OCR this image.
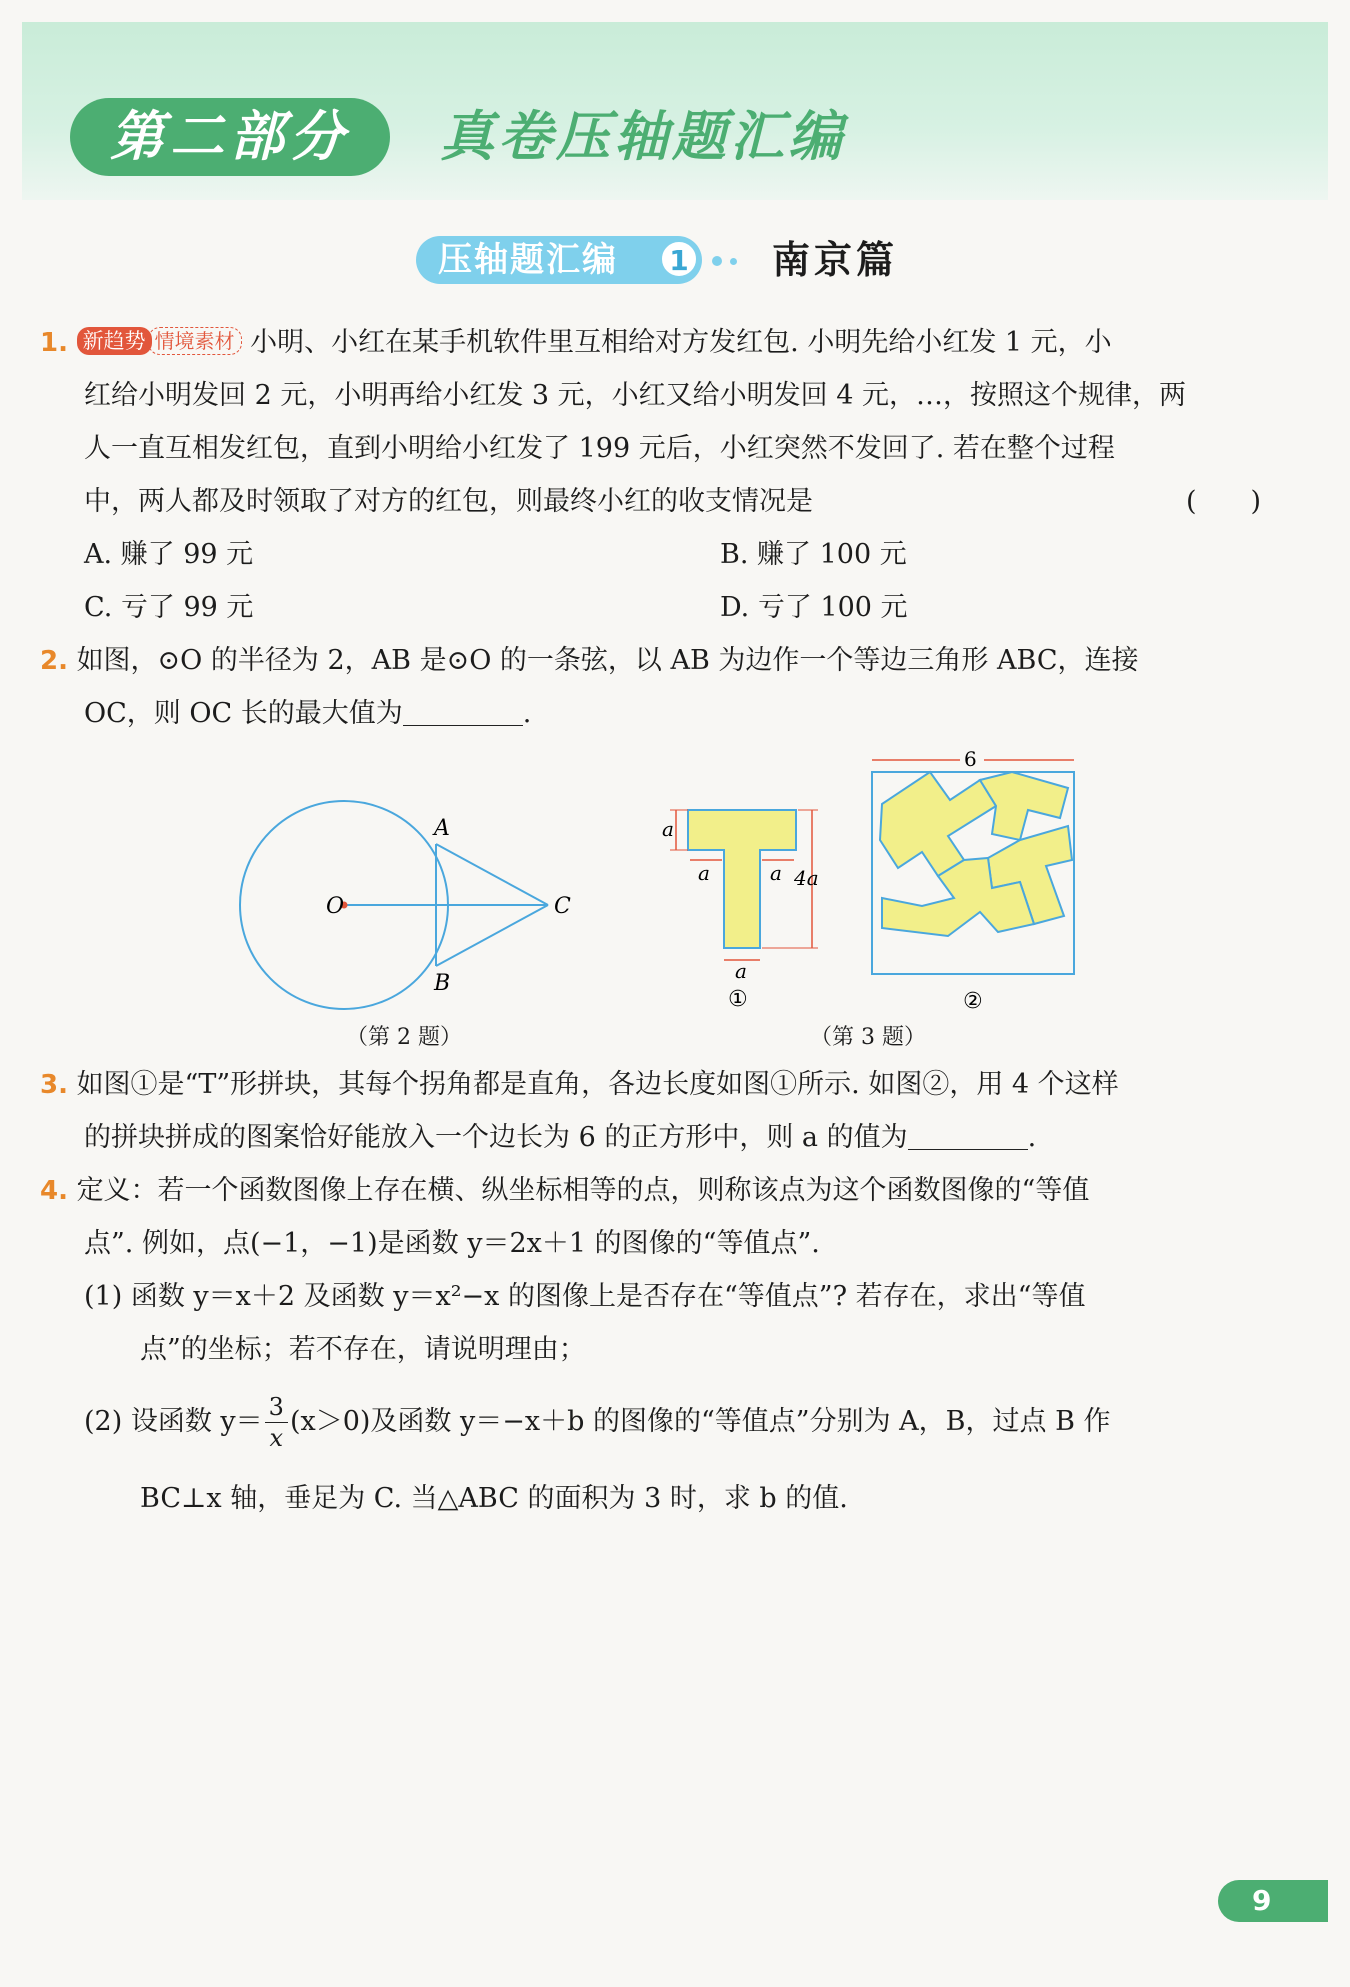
第二部分	真卷压轴题汇编
压轴题汇编	1 南京篇
1. 新趋势 情境素材 小明、小红在某手机软件里互相给对方发红包. 小明先给小红发 1 元，小
红给小明发回 2 元，小明再给小红发 3 元，小红又给小明发回 4 元，…，按照这个规律，两
人一直互相发红包，直到小明给小红发了 199 元后，小红突然不发回了. 若在整个过程
中，两人都及时领取了对方的红包，则最终小红的收支情况是	(　　)
A. 赚了 99 元	B. 赚了 100 元
C. 亏了 99 元	D. 亏了 100 元
2. 如图，⊙O 的半径为 2，AB 是⊙O 的一条弦，以 AB 为边作一个等边三角形 ABC，连接
OC，则 OC 长的最大值为	.
O
A
B
C
（第 2 题）
a
a	a 4a
a
①
6
②
（第 3 题）
3. 如图①是“T”形拼块，其每个拐角都是直角，各边长度如图①所示. 如图②，用 4 个这样
的拼块拼成的图案恰好能放入一个边长为 6 的正方形中，则 a 的值为	.
4. 定义：若一个函数图像上存在横、纵坐标相等的点，则称该点为这个函数图像的“等值
点”. 例如，点(−1，−1)是函数 y＝2x＋1 的图像的“等值点”.
(1) 函数 y＝x＋2 及函数 y＝x²−x 的图像上是否存在“等值点”? 若存在，求出“等值
点”的坐标；若不存在，请说明理由；
(2) 设函数 $y= \frac{3}{x} (x>0)$及函数 y＝−x＋b 的图像的“等值点”分别为 A，B，过点 B 作
BC⊥x 轴，垂足为 C. 当△ABC 的面积为 3 时，求 b 的值.
9
